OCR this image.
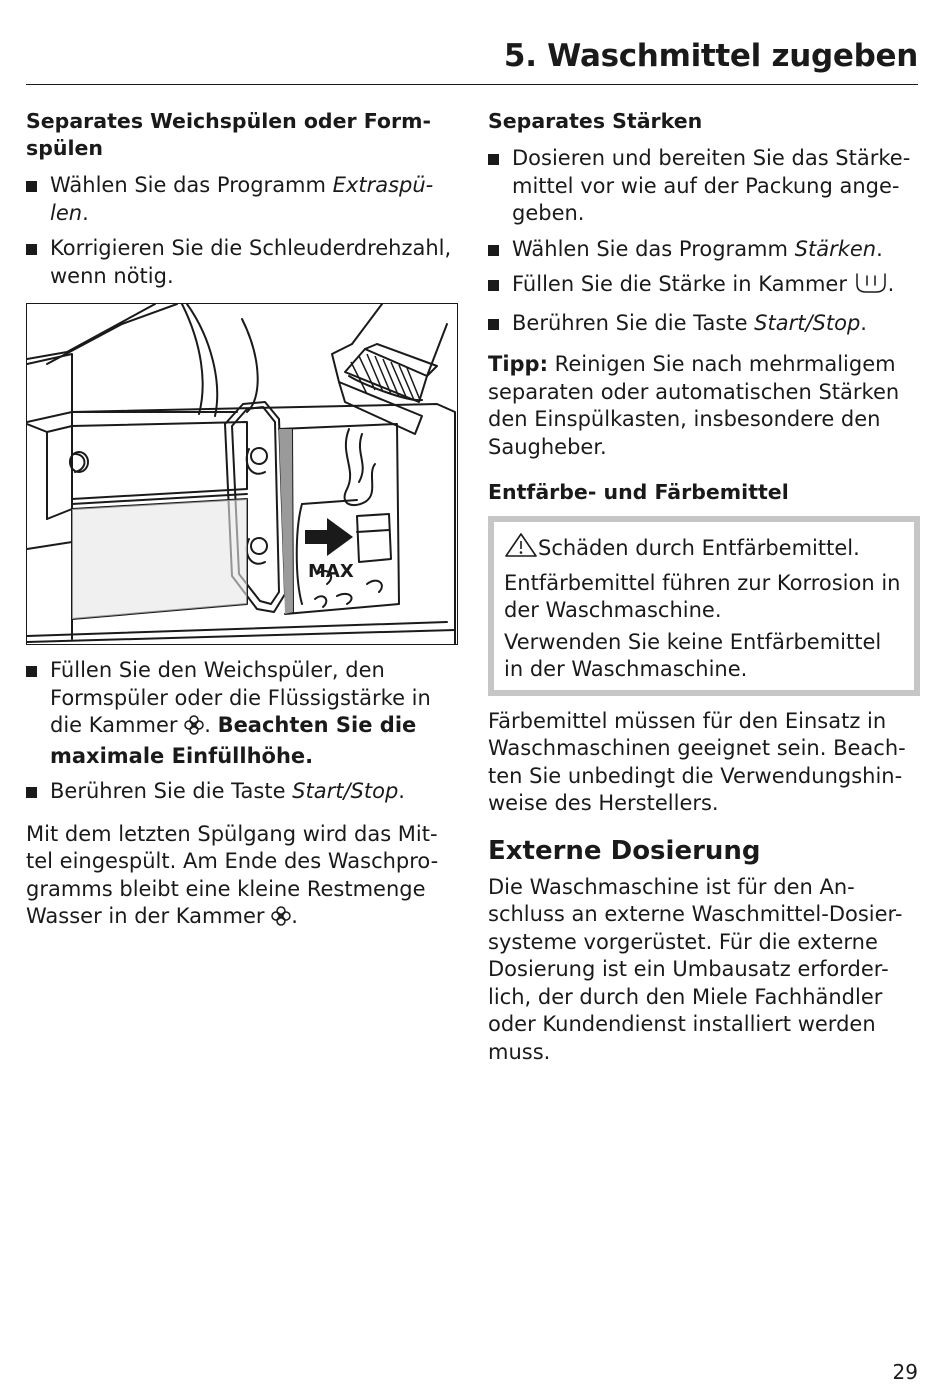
5. Waschmittel zugeben
Separates Weichspülen oder Form-spülen
Wählen Sie das Programm Extraspü-len.
Korrigieren Sie die Schleuderdrehzahl, wenn nötig.
MAX
Füllen Sie den Weichspüler, den Formspüler oder die Flüssigstärke in die Kammer . Beachten Sie die maximale Einfüllhöhe.
Berühren Sie die Taste Start/Stop.

Mit dem letzten Spülgang wird das Mit-tel eingespült. Am Ende des Waschpro-gramms bleibt eine kleine Restmenge Wasser in der Kammer .

Separates Stärken
Dosieren und bereiten Sie das Stärke-mittel vor wie auf der Packung ange-geben.
Wählen Sie das Programm Stärken.
Füllen Sie die Stärke in Kammer .
Berühren Sie die Taste Start/Stop.

Tipp: Reinigen Sie nach mehrmaligem separaten oder automatischen Stärken den Einspülkasten, insbesondere den Saugheber.

Entfärbe- und Färbemittel

Schäden durch Entfärbemittel.

Entfärbemittel führen zur Korrosion in der Waschmaschine.

Verwenden Sie keine Entfärbemittel in der Waschmaschine.

Färbemittel müssen für den Einsatz in Waschmaschinen geeignet sein. Beach-ten Sie unbedingt die Verwendungshin-weise des Herstellers.

Externe Dosierung

Die Waschmaschine ist für den An-schluss an externe Waschmittel-Dosier-systeme vorgerüstet. Für die externe Dosierung ist ein Umbausatz erforder-lich, der durch den Miele Fachhändler oder Kundendienst installiert werden muss.

29
